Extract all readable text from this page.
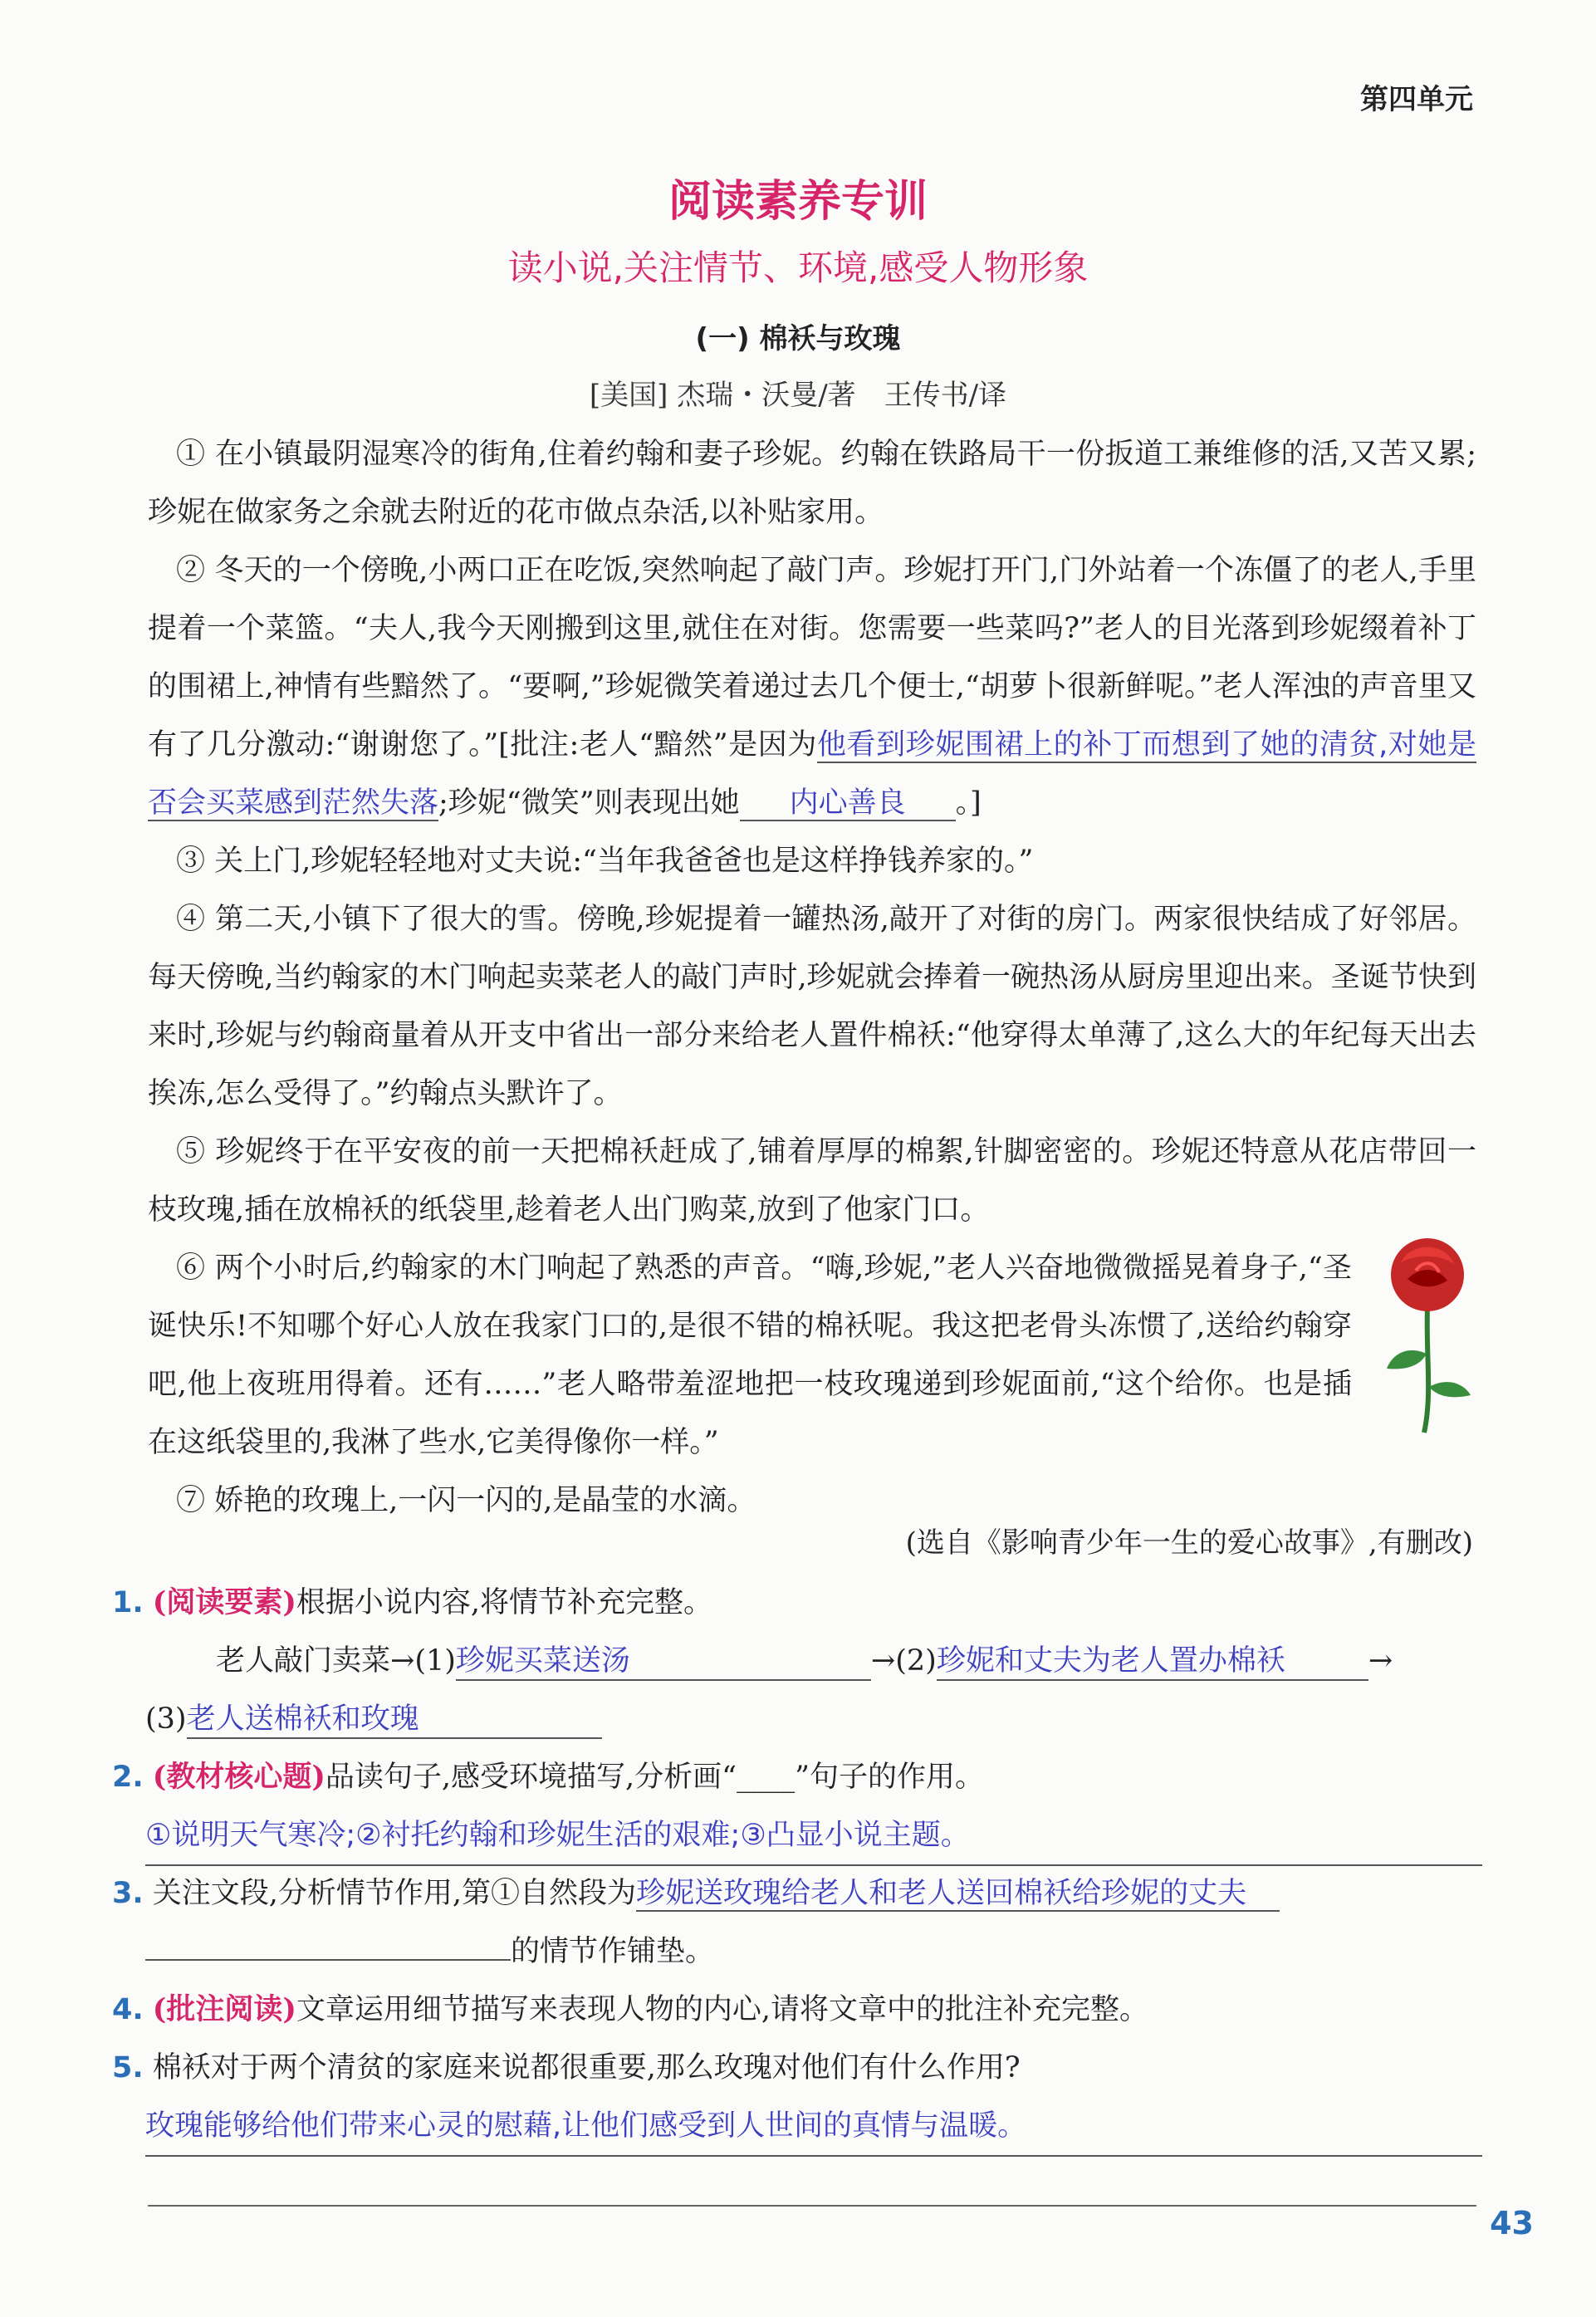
第四单元
阅读素养专训
读小说,关注情节、环境,感受人物形象
(一) 棉袄与玫瑰
[美国] 杰瑞・沃曼/著　王传书/译

① 在小镇最阴湿寒冷的街角,住着约翰和妻子珍妮。约翰在铁路局干一份扳道工兼维修的活,又苦又累;珍妮在做家务之余就去附近的花市做点杂活,以补贴家用。

② 冬天的一个傍晚,小两口正在吃饭,突然响起了敲门声。珍妮打开门,门外站着一个冻僵了的老人,手里提着一个菜篮。“夫人,我今天刚搬到这里,就住在对街。您需要一些菜吗?”老人的目光落到珍妮缀着补丁的围裙上,神情有些黯然了。“要啊,”珍妮微笑着递过去几个便士,“胡萝卜很新鲜呢。”老人浑浊的声音里又有了几分激动:“谢谢您了。”[批注:老人“黯然”是因为他看到珍妮围裙上的补丁而想到了她的清贫,对她是否会买菜感到茫然失落;珍妮“微笑”则表现出她 内心善良 。]

③ 关上门,珍妮轻轻地对丈夫说:“当年我爸爸也是这样挣钱养家的。”

④ 第二天,小镇下了很大的雪。傍晚,珍妮提着一罐热汤,敲开了对街的房门。两家很快结成了好邻居。每天傍晚,当约翰家的木门响起卖菜老人的敲门声时,珍妮就会捧着一碗热汤从厨房里迎出来。圣诞节快到来时,珍妮与约翰商量着从开支中省出一部分来给老人置件棉袄:“他穿得太单薄了,这么大的年纪每天出去挨冻,怎么受得了。”约翰点头默许了。

⑤ 珍妮终于在平安夜的前一天把棉袄赶成了,铺着厚厚的棉絮,针脚密密的。珍妮还特意从花店带回一枝玫瑰,插在放棉袄的纸袋里,趁着老人出门购菜,放到了他家门口。

⑥ 两个小时后,约翰家的木门响起了熟悉的声音。“嗨,珍妮,”老人兴奋地微微摇晃着身子,“圣诞快乐!不知哪个好心人放在我家门口的,是很不错的棉袄呢。我这把老骨头冻惯了,送给约翰穿吧,他上夜班用得着。还有……”老人略带羞涩地把一枝玫瑰递到珍妮面前,“这个给你。也是插在这纸袋里的,我淋了些水,它美得像你一样。”

⑦ 娇艳的玫瑰上,一闪一闪的,是晶莹的水滴。

(选自《影响青少年一生的爱心故事》,有删改)
1. (阅读要素)根据小说内容,将情节补充完整。
老人敲门卖菜→(1)珍妮买菜送汤	→(2)珍妮和丈夫为老人置办棉袄	→
(3)老人送棉袄和玫瑰
2. (教材核心题)品读句子,感受环境描写,分析画“____”句子的作用。
①说明天气寒冷;②衬托约翰和珍妮生活的艰难;③凸显小说主题。
3. 关注文段,分析情节作用,第①自然段为珍妮送玫瑰给老人和老人送回棉袄给珍妮的丈夫
的情节作铺垫。
4. (批注阅读)文章运用细节描写来表现人物的内心,请将文章中的批注补充完整。
5. 棉袄对于两个清贫的家庭来说都很重要,那么玫瑰对他们有什么作用?
玫瑰能够给他们带来心灵的慰藉,让他们感受到人世间的真情与温暖。
43
